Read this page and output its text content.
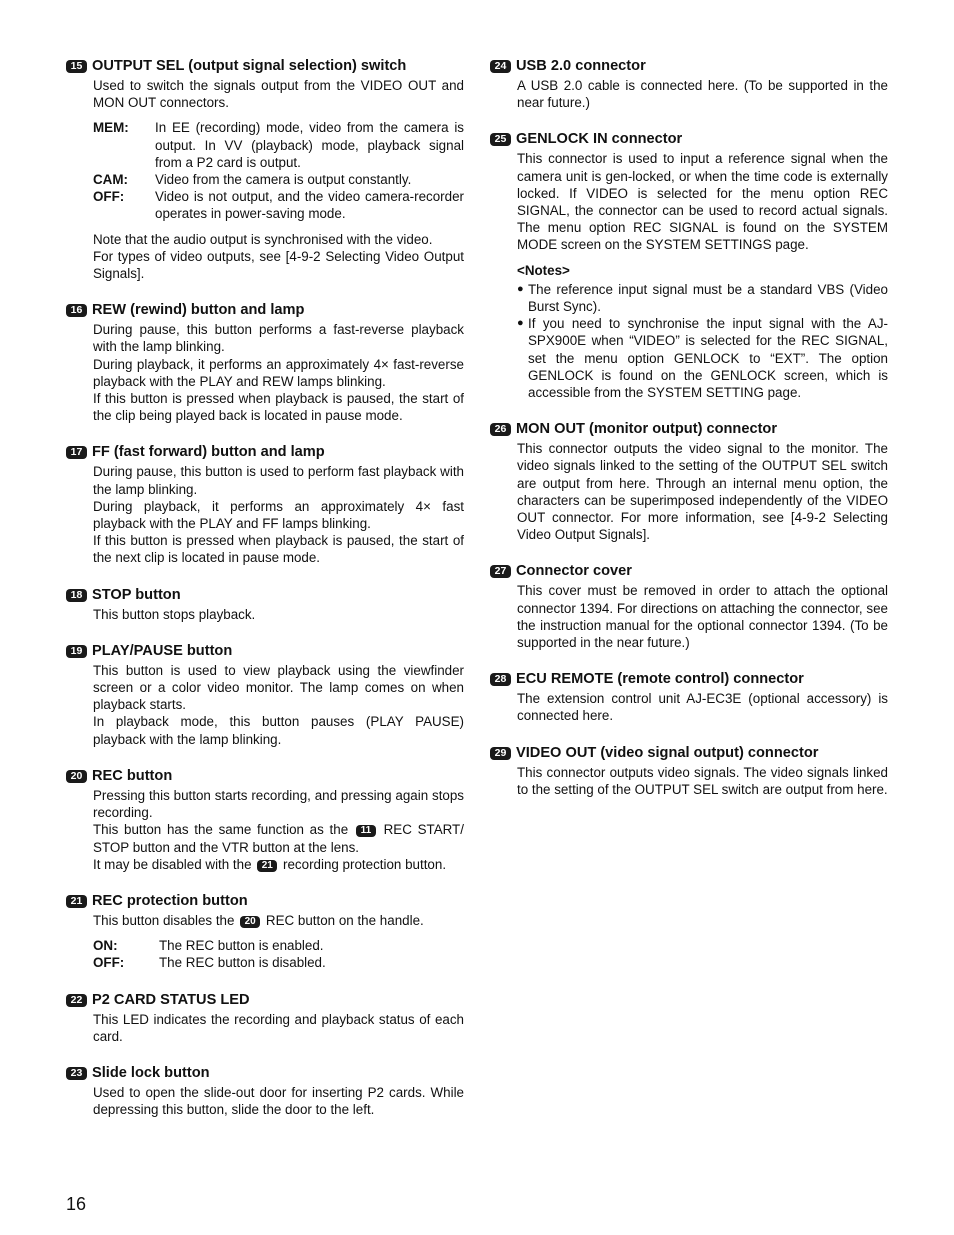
15 OUTPUT SEL (output signal selection) switch
Used to switch the signals output from the VIDEO OUT and MON OUT connectors.
MEM:	In EE (recording) mode, video from the camera is output. In VV (playback) mode, playback signal from a P2 card is output.
CAM:	Video from the camera is output constantly.
OFF:	Video is not output, and the video camera-recorder operates in power-saving mode.
Note that the audio output is synchronised with the video.
For types of video outputs, see [4-9-2 Selecting Video Output Signals].
16 REW (rewind) button and lamp
During pause, this button performs a fast-reverse playback with the lamp blinking.
During playback, it performs an approximately 4× fast-reverse playback with the PLAY and REW lamps blinking.
If this button is pressed when playback is paused, the start of the clip being played back is located in pause mode.
17 FF (fast forward) button and lamp
During pause, this button is used to perform fast playback with the lamp blinking.
During playback, it performs an approximately 4× fast playback with the PLAY and FF lamps blinking.
If this button is pressed when playback is paused, the start of the next clip is located in pause mode.
18 STOP button
This button stops playback.
19 PLAY/PAUSE button
This button is used to view playback using the viewfinder screen or a color video monitor. The lamp comes on when playback starts.
In playback mode, this button pauses (PLAY PAUSE) playback with the lamp blinking.
20 REC button
Pressing this button starts recording, and pressing again stops recording.
This button has the same function as the 11 REC START/ STOP button and the VTR button at the lens.
It may be disabled with the 21 recording protection button.
21 REC protection button
This button disables the 20 REC button on the handle.
ON:	The REC button is enabled.
OFF:	The REC button is disabled.
22 P2 CARD STATUS LED
This LED indicates the recording and playback status of each card.
23 Slide lock button
Used to open the slide-out door for inserting P2 cards. While depressing this button, slide the door to the left.
24 USB 2.0 connector
A USB 2.0 cable is connected here. (To be supported in the near future.)
25 GENLOCK IN connector
This connector is used to input a reference signal when the camera unit is gen-locked, or when the time code is externally locked. If VIDEO is selected for the menu option REC SIGNAL, the connector can be used to record actual signals. The menu option REC SIGNAL is found on the SYSTEM MODE screen on the SYSTEM SETTINGS page.
<Notes>
● The reference input signal must be a standard VBS (Video Burst Sync).
● If you need to synchronise the input signal with the AJ-SPX900E when “VIDEO” is selected for the REC SIGNAL, set the menu option GENLOCK to “EXT”. The option GENLOCK is found on the GENLOCK screen, which is accessible from the SYSTEM SETTING page.
26 MON OUT (monitor output) connector
This connector outputs the video signal to the monitor. The video signals linked to the setting of the OUTPUT SEL switch are output from here. Through an internal menu option, the characters can be superimposed independently of the VIDEO OUT connector. For more information, see [4-9-2 Selecting Video Output Signals].
27 Connector cover
This cover must be removed in order to attach the optional connector 1394. For directions on attaching the connector, see the instruction manual for the optional connector 1394. (To be supported in the near future.)
28 ECU REMOTE (remote control) connector
The extension control unit AJ-EC3E (optional accessory) is connected here.
29 VIDEO OUT (video signal output) connector
This connector outputs video signals. The video signals linked to the setting of the OUTPUT SEL switch are output from here.
16
